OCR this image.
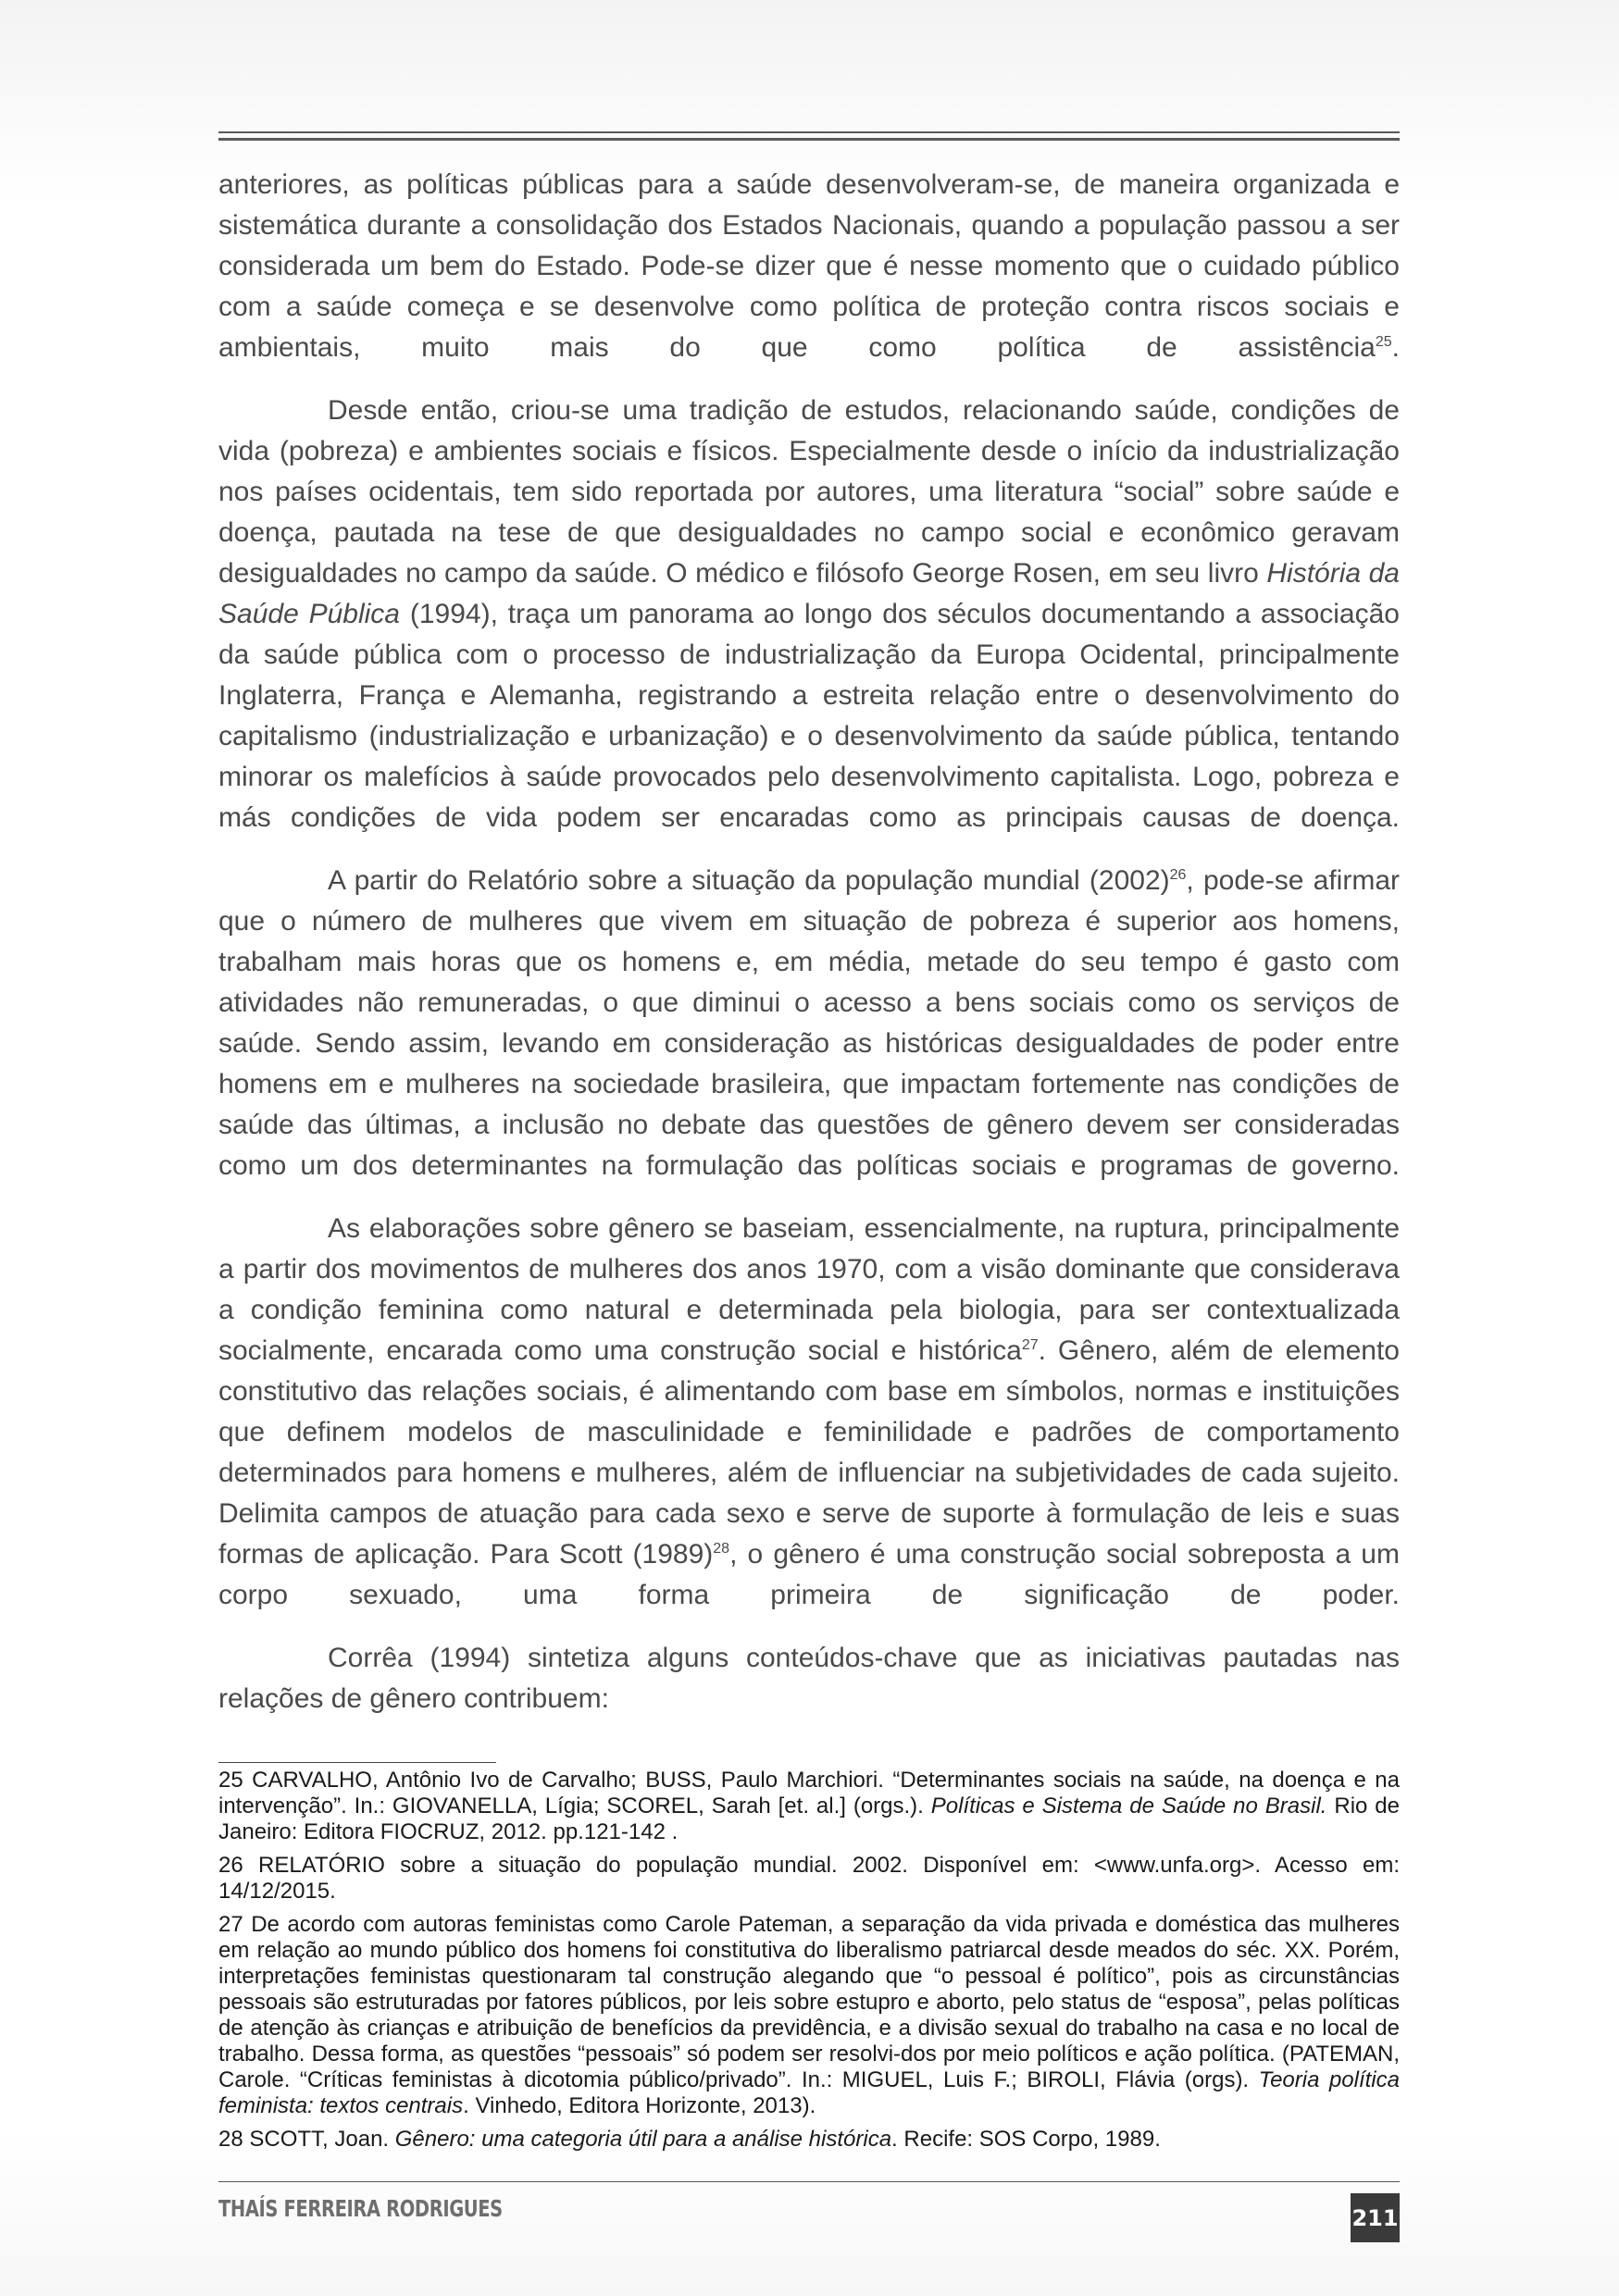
anteriores, as políticas públicas para a saúde desenvolveram-se, de maneira organizada e sistemática durante a consolidação dos Estados Nacionais, quando a população passou a ser considerada um bem do Estado. Pode-se dizer que é nesse momento que o cuidado público com a saúde começa e se desenvolve como política de proteção contra riscos sociais e ambientais, muito mais do que como política de assistência$^{25}$.

Desde então, criou-se uma tradição de estudos, relacionando saúde, condições de vida (pobreza) e ambientes sociais e físicos. Especialmente desde o início da industrialização nos países ocidentais, tem sido reportada por autores, uma literatura “social” sobre saúde e doença, pautada na tese de que desigualdades no campo social e econômico geravam desigualdades no campo da saúde. O médico e filósofo George Rosen, em seu livro História da Saúde Pública (1994), traça um panorama ao longo dos séculos documentando a associação da saúde pública com o processo de industrialização da Europa Ocidental, principalmente Inglaterra, França e Alemanha, registrando a estreita relação entre o desenvolvimento do capitalismo (industrialização e urbanização) e o desenvolvimento da saúde pública, tentando minorar os malefícios à saúde provocados pelo desenvolvimento capitalista. Logo, pobreza e más condições de vida podem ser encaradas como as principais causas de doença.

A partir do Relatório sobre a situação da população mundial $(2002)^{26}$, pode-se afirmar que o número de mulheres que vivem em situação de pobreza é superior aos homens, trabalham mais horas que os homens e, em média, metade do seu tempo é gasto com atividades não remuneradas, o que diminui o acesso a bens sociais como os serviços de saúde. Sendo assim, levando em consideração as históricas desigualdades de poder entre homens em e mulheres na sociedade brasileira, que impactam fortemente nas condições de saúde das últimas, a inclusão no debate das questões de gênero devem ser consideradas como um dos determinantes na formulação das políticas sociais e programas de governo.

As elaborações sobre gênero se baseiam, essencialmente, na ruptura, principalmente a partir dos movimentos de mulheres dos anos 1970, com a visão dominante que considerava a condição feminina como natural e determinada pela biologia, para ser contextualizada socialmente, encarada como uma construção social e histórica$^{27}$. Gênero, além de elemento constitutivo das relações sociais, é alimentando com base em símbolos, normas e instituições que definem modelos de masculinidade e feminilidade e padrões de comportamento determinados para homens e mulheres, além de influenciar na subjetividades de cada sujeito. Delimita campos de atuação para cada sexo e serve de suporte à formulação de leis e suas formas de aplicação. Para Scott $(1989)^{28}$, o gênero é uma construção social sobreposta a um corpo sexuado, uma forma primeira de significação de poder.

Corrêa (1994) sintetiza alguns conteúdos-chave que as iniciativas pautadas nas relações de gênero contribuem:

25 CARVALHO, Antônio Ivo de Carvalho; BUSS, Paulo Marchiori. “Determinantes sociais na saúde, na doença e na intervenção”. In.: GIOVANELLA, Lígia; SCOREL, Sarah [et. al.] (orgs.). Políticas e Sistema de Saúde no Brasil. Rio de Janeiro: Editora FIOCRUZ, 2012. pp.121-142 .

26 RELATÓRIO sobre a situação do população mundial. 2002. Disponível em: <www.unfa.org>. Acesso em: 14/12/2015.

27 De acordo com autoras feministas como Carole Pateman, a separação da vida privada e doméstica das mulheres em relação ao mundo público dos homens foi constitutiva do liberalismo patriarcal desde meados do séc. XX. Porém, interpretações feministas questionaram tal construção alegando que “o pessoal é político”, pois as circunstâncias pessoais são estruturadas por fatores públicos, por leis sobre estupro e aborto, pelo status de “esposa”, pelas políticas de atenção às crianças e atribuição de benefícios da previdência, e a divisão sexual do trabalho na casa e no local de trabalho. Dessa forma, as questões “pessoais” só podem ser resolvi-dos por meio políticos e ação política. (PATEMAN, Carole. “Críticas feministas à dicotomia público/privado”. In.: MIGUEL, Luis F.; BIROLI, Flávia (orgs). Teoria política feminista: textos centrais. Vinhedo, Editora Horizonte, 2013).

28 SCOTT, Joan. Gênero: uma categoria útil para a análise histórica. Recife: SOS Corpo, 1989.

THAÍS FERREIRA RODRIGUES	211
